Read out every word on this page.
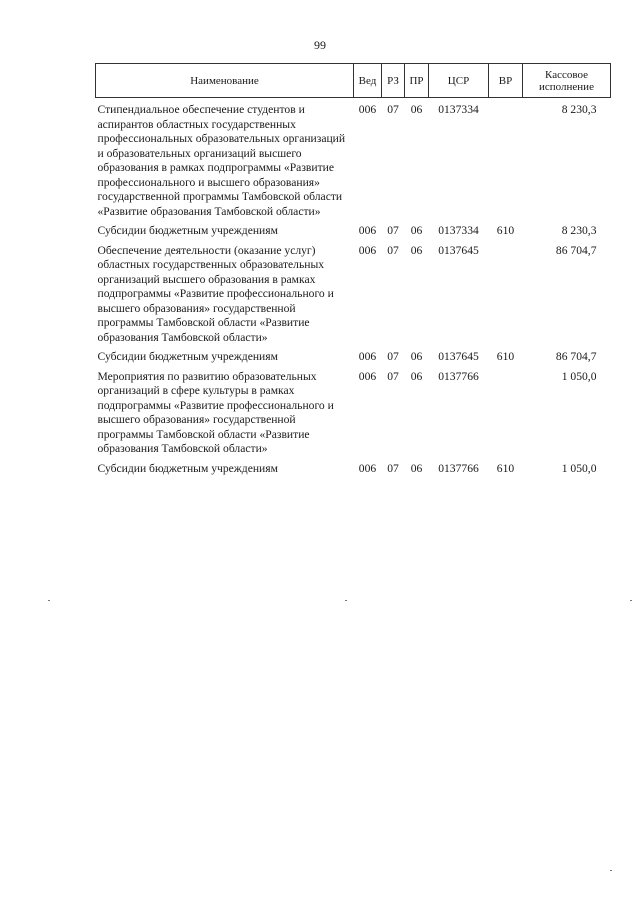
99
Наименование	Вед	РЗ	ПР	ЦСР	ВР	Кассовое исполнение
Стипендиальное обеспечение студентов и аспирантов областных государственных профессиональных образовательных организаций и образовательных организаций высшего образования в рамках подпрограммы «Развитие профессионального и высшего образования» государственной программы Тамбовской области «Развитие образования Тамбовской области»	006	07	06	0137334		8 230,3
Субсидии бюджетным учреждениям	006	07	06	0137334	610	8 230,3
Обеспечение деятельности (оказание услуг) областных государственных образовательных организаций высшего образования в рамках подпрограммы «Развитие профессионального и высшего образования» государственной программы Тамбовской области «Развитие образования Тамбовской области»	006	07	06	0137645		86 704,7
Субсидии бюджетным учреждениям	006	07	06	0137645	610	86 704,7
Мероприятия по развитию образовательных организаций в сфере культуры в рамках подпрограммы «Развитие профессионального и высшего образования» государственной программы Тамбовской области «Развитие образования Тамбовской области»	006	07	06	0137766		1 050,0
Субсидии бюджетным учреждениям	006	07	06	0137766	610	1 050,0
